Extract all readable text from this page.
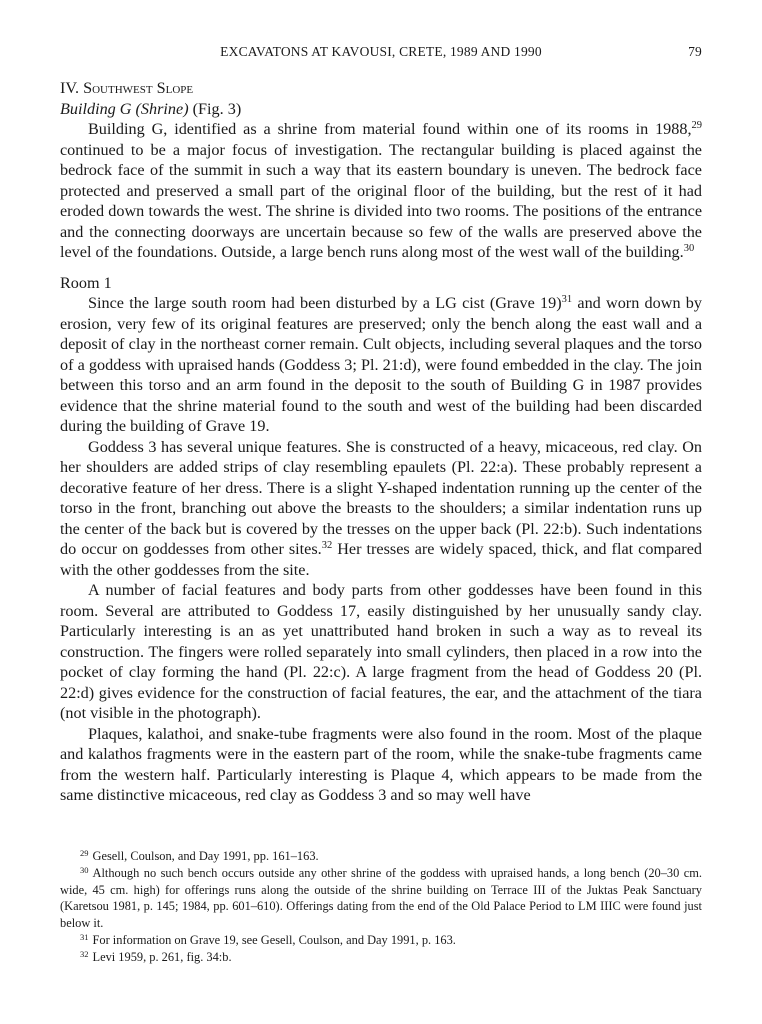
EXCAVATONS AT KAVOUSI, CRETE, 1989 AND 1990	79
IV. Southwest Slope
Building G (Shrine) (Fig. 3)

Building G, identified as a shrine from material found within one of its rooms in 1988,29 continued to be a major focus of investigation. The rectangular building is placed against the bedrock face of the summit in such a way that its eastern boundary is uneven. The bedrock face protected and preserved a small part of the original floor of the building, but the rest of it had eroded down towards the west. The shrine is divided into two rooms. The positions of the entrance and the connecting doorways are uncertain because so few of the walls are preserved above the level of the foundations. Outside, a large bench runs along most of the west wall of the building.$^{30}$

Room 1

Since the large south room had been disturbed by a LG cist (Grave 19)$^{31}$ and worn down by erosion, very few of its original features are preserved; only the bench along the east wall and a deposit of clay in the northeast corner remain. Cult objects, including several plaques and the torso of a goddess with upraised hands (Goddess 3; Pl. 21:d), were found embedded in the clay. The join between this torso and an arm found in the deposit to the south of Building G in 1987 provides evidence that the shrine material found to the south and west of the building had been discarded during the building of Grave 19.

Goddess 3 has several unique features. She is constructed of a heavy, micaceous, red clay. On her shoulders are added strips of clay resembling epaulets (Pl. 22:a). These probably represent a decorative feature of her dress. There is a slight Y-shaped indentation running up the center of the torso in the front, branching out above the breasts to the shoulders; a similar indentation runs up the center of the back but is covered by the tresses on the upper back (Pl. 22:b). Such indentations do occur on goddesses from other sites.$^{32}$ Her tresses are widely spaced, thick, and flat compared with the other goddesses from the site.

A number of facial features and body parts from other goddesses have been found in this room. Several are attributed to Goddess 17, easily distinguished by her unusually sandy clay. Particularly interesting is an as yet unattributed hand broken in such a way as to reveal its construction. The fingers were rolled separately into small cylinders, then placed in a row into the pocket of clay forming the hand (Pl. 22:c). A large fragment from the head of Goddess 20 (Pl. 22:d) gives evidence for the construction of facial features, the ear, and the attachment of the tiara (not visible in the photograph).

Plaques, kalathoi, and snake-tube fragments were also found in the room. Most of the plaque and kalathos fragments were in the eastern part of the room, while the snake-tube fragments came from the western half. Particularly interesting is Plaque 4, which appears to be made from the same distinctive micaceous, red clay as Goddess 3 and so may well have

$^{29}$ Gesell, Coulson, and Day 1991, pp. 161–163.

$^{30}$ Although no such bench occurs outside any other shrine of the goddess with upraised hands, a long bench (20–30 cm. wide, 45 cm. high) for offerings runs along the outside of the shrine building on Terrace III of the Juktas Peak Sanctuary (Karetsou 1981, p. 145; 1984, pp. 601–610). Offerings dating from the end of the Old Palace Period to LM IIIC were found just below it.

$^{31}$ For information on Grave 19, see Gesell, Coulson, and Day 1991, p. 163.

$^{32}$ Levi 1959, p. 261, fig. 34:b.
